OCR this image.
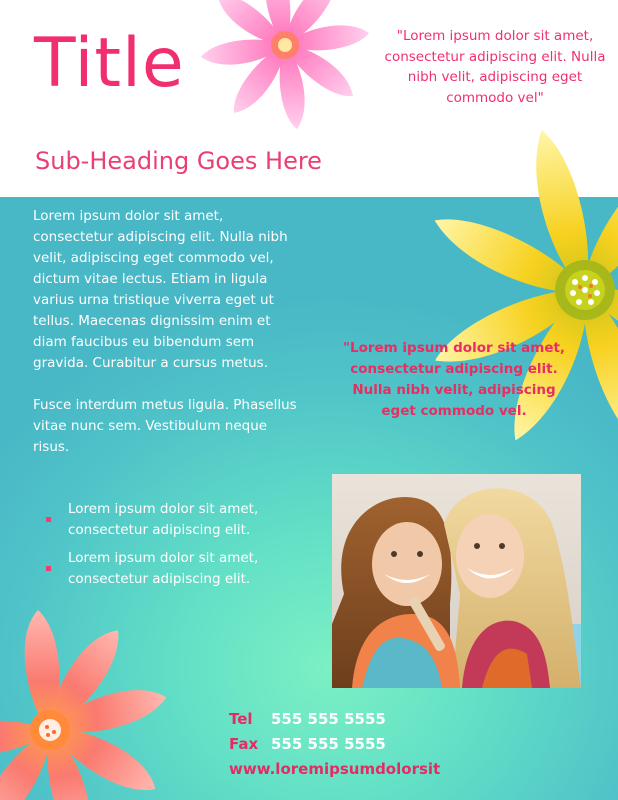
Title
Sub-Heading Goes Here

"Lorem ipsum dolor sit amet, consectetur adipiscing elit. Nulla nibh velit, adipiscing eget commodo vel"

Lorem ipsum dolor sit amet, consectetur adipiscing elit. Nulla nibh velit, adipiscing eget commodo vel, dictum vitae lectus. Etiam in ligula varius urna tristique viverra eget ut tellus. Maecenas dignissim enim et diam faucibus eu bibendum sem gravida. Curabitur a cursus metus.

Fusce interdum metus ligula. Phasellus vitae nunc sem. Vestibulum neque risus.

Lorem ipsum dolor sit amet, consectetur adipiscing elit.
Lorem ipsum dolor sit amet, consectetur adipiscing elit.

"Lorem ipsum dolor sit amet, consectetur adipiscing elit. Nulla nibh velit, adipiscing eget commodo vel.

Tel 555 555 5555
Fax 555 555 5555
www.loremipsumdolorsit
